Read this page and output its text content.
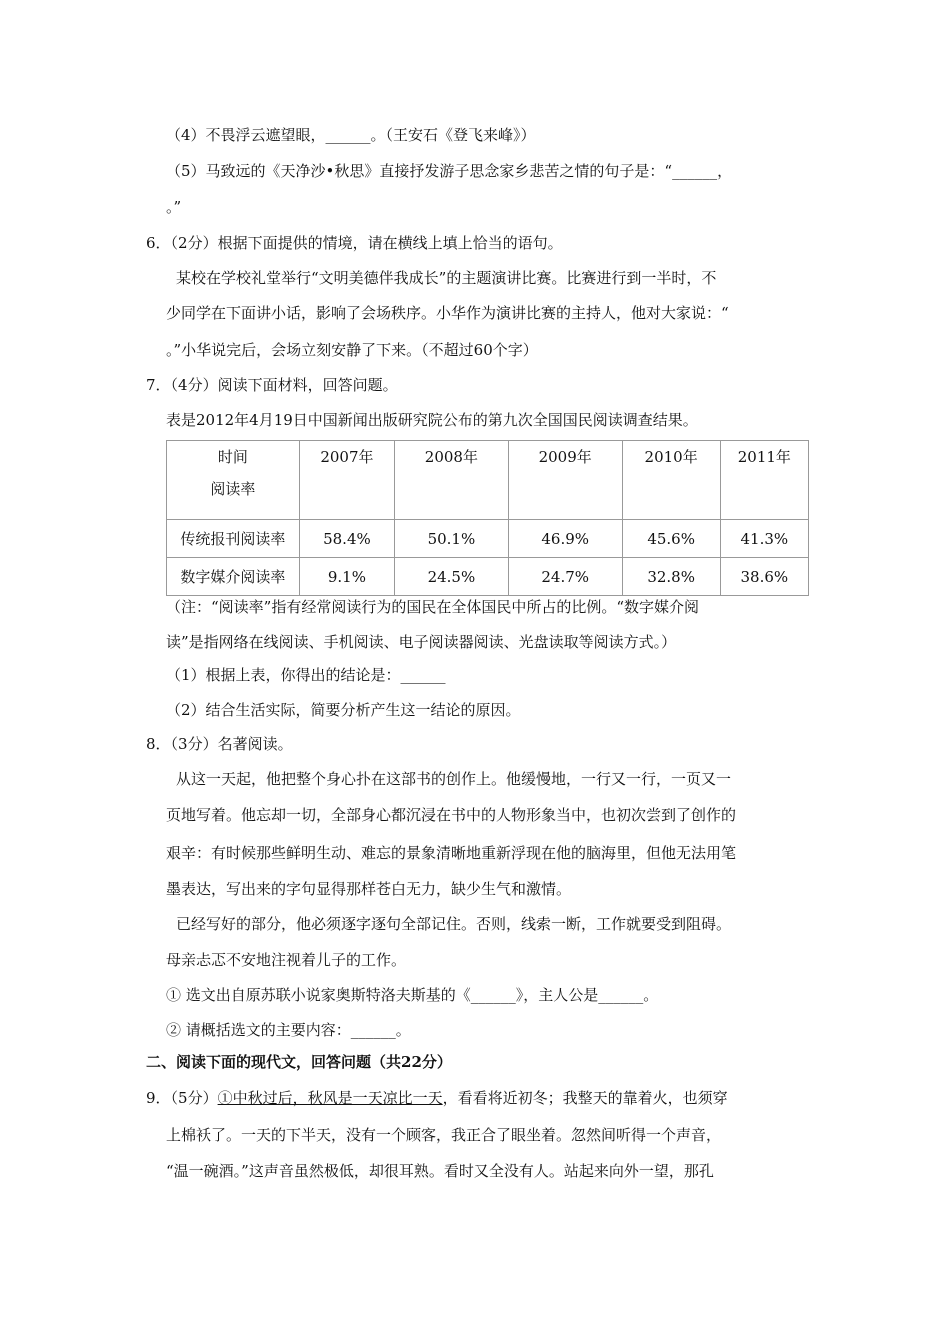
（4）不畏浮云遮望眼，______。（王安石《登飞来峰》）
（5）马致远的《天净沙•秋思》直接抒发游子思念家乡悲苦之情的句子是：“______，
。”
6．（2分）根据下面提供的情境，请在横线上填上恰当的语句。
某校在学校礼堂举行“文明美德伴我成长”的主题演讲比赛。比赛进行到一半时，不
少同学在下面讲小话，影响了会场秩序。小华作为演讲比赛的主持人，他对大家说：“
。”小华说完后，会场立刻安静了下来。（不超过60个字）
7．（4分）阅读下面材料，回答问题。
表是2012年4月19日中国新闻出版研究院公布的第九次全国国民阅读调查结果。
时间
阅读率	2007年	2008年	2009年	2010年	2011年
传统报刊阅读率	58.4%	50.1%	46.9%	45.6%	41.3%
数字媒介阅读率	9.1%	24.5%	24.7%	32.8%	38.6%
（注：“阅读率”指有经常阅读行为的国民在全体国民中所占的比例。“数字媒介阅
读”是指网络在线阅读、手机阅读、电子阅读器阅读、光盘读取等阅读方式。）
（1）根据上表，你得出的结论是：______
（2）结合生活实际，简要分析产生这一结论的原因。
8．（3分）名著阅读。
从这一天起，他把整个身心扑在这部书的创作上。他缓慢地，一行又一行，一页又一
页地写着。他忘却一切，全部身心都沉浸在书中的人物形象当中，也初次尝到了创作的
艰辛：有时候那些鲜明生动、难忘的景象清晰地重新浮现在他的脑海里，但他无法用笔
墨表达，写出来的字句显得那样苍白无力，缺少生气和激情。
已经写好的部分，他必须逐字逐句全部记住。否则，线索一断，工作就要受到阻碍。
母亲忐忑不安地注视着儿子的工作。
① 选文出自原苏联小说家奥斯特洛夫斯基的《______》，主人公是______。
② 请概括选文的主要内容：______。
二、阅读下面的现代文，回答问题（共22分）
9．（5分）①中秋过后，秋风是一天凉比一天，看看将近初冬；我整天的靠着火，也须穿
上棉袄了。一天的下半天，没有一个顾客，我正合了眼坐着。忽然间听得一个声音，
“温一碗酒。”这声音虽然极低，却很耳熟。看时又全没有人。站起来向外一望，那孔
